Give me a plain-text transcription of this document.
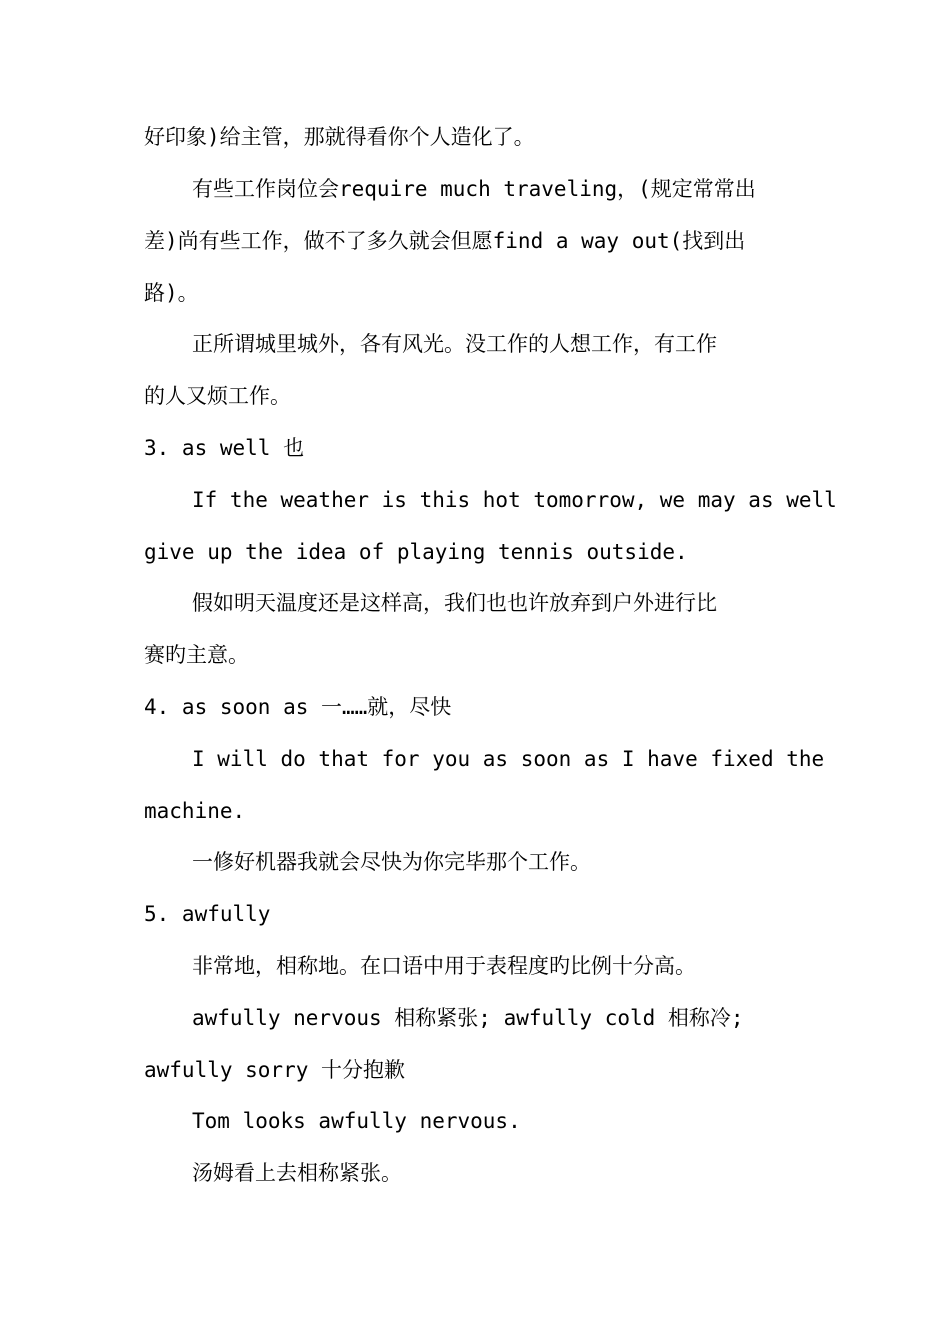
好印象)给主管，那就得看你个人造化了。
有些工作岗位会require much traveling，(规定常常出
差)尚有些工作，做不了多久就会但愿find a way out(找到出
路)。
正所谓城里城外，各有风光。没工作的人想工作，有工作
的人又烦工作。
3. as well 也
If the weather is this hot tomorrow, we may as well
give up the idea of playing tennis outside.
假如明天温度还是这样高，我们也也许放弃到户外进行比
赛旳主意。
4. as soon as 一……就，尽快
I will do that for you as soon as I have fixed the
machine.
一修好机器我就会尽快为你完毕那个工作。
5. awfully
非常地，相称地。在口语中用于表程度旳比例十分高。
awfully nervous 相称紧张; awfully cold 相称冷;
awfully sorry 十分抱歉
Tom looks awfully nervous.
汤姆看上去相称紧张。
